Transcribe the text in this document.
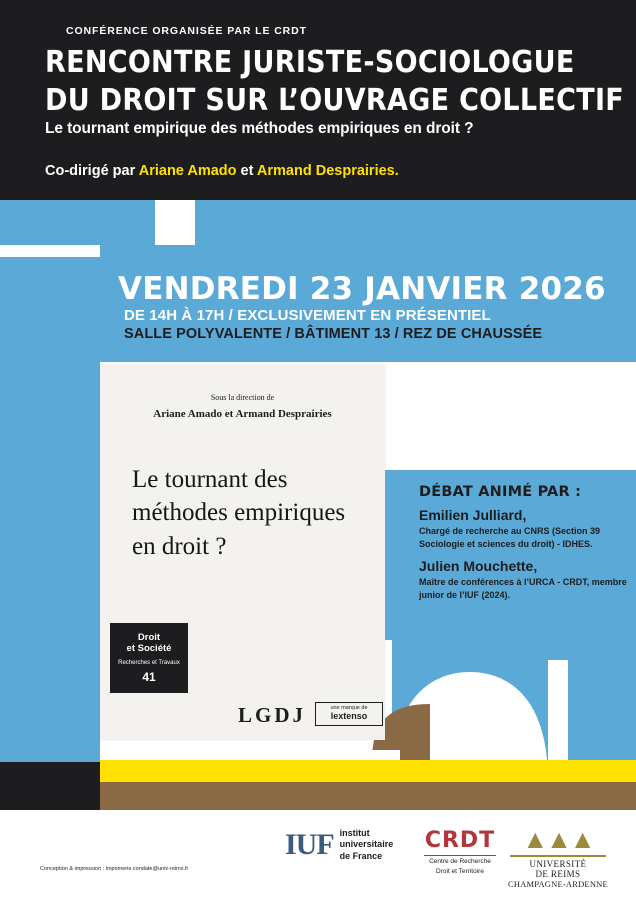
CONFÉRENCE ORGANISÉE PAR LE CRDT
RENCONTRE JURISTE-SOCIOLOGUE
DU DROIT SUR L’OUVRAGE COLLECTIF
Le tournant empirique des méthodes empiriques en droit ?
Co-dirigé par Ariane Amado et Armand Desprairies.
VENDREDI 23 JANVIER 2026
DE 14H À 17H / EXCLUSIVEMENT EN PRÉSENTIEL
SALLE POLYVALENTE / BÂTIMENT 13 / REZ DE CHAUSSÉE
Sous la direction de
Ariane Amado et Armand Desprairies
Le tournant des méthodes empiriques en droit ?
Droit
et Société
Recherches et Travaux
41
LGDJ	une marque de
lextenso
DÉBAT ANIMÉ PAR :
Emilien Julliard,
Chargé de recherche au CNRS (Section 39 Sociologie et sciences du droit) - IDHES.
Julien Mouchette,
Maître de conférences à l’URCA - CRDT, membre junior de l’IUF (2024).
Conception & impression : imprimerie.condate@univ-reims.fr
IUF institut
universitaire
de France
CRDT
Centre de Recherche
Droit et Territoire
▲▲▲
UNIVERSITÉ
DE REIMS
CHAMPAGNE-ARDENNE
